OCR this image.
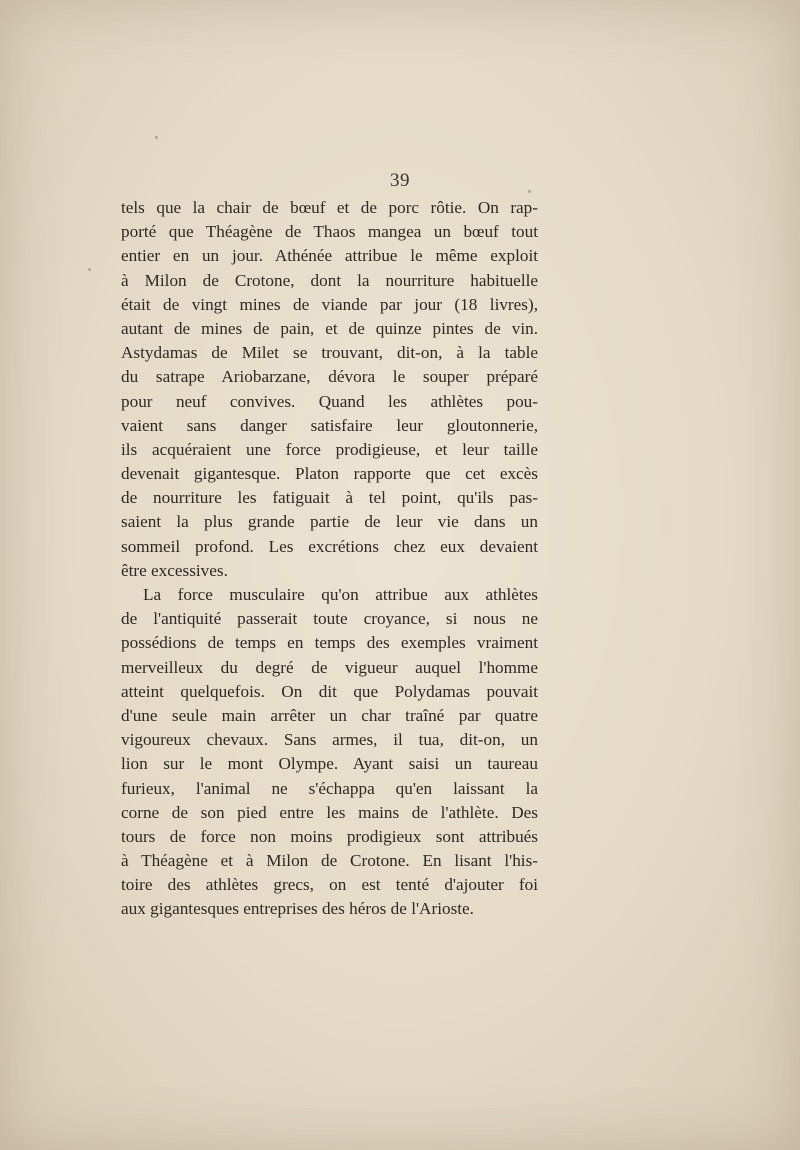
39
tels que la chair de bœuf et de porc rôtie. On rap-
porté que Théagène de Thaos mangea un bœuf tout
entier en un jour. Athénée attribue le même exploit
à Milon de Crotone, dont la nourriture habituelle
était de vingt mines de viande par jour (18 livres),
autant de mines de pain, et de quinze pintes de vin.
Astydamas de Milet se trouvant, dit-on, à la table
du satrape Ariobarzane, dévora le souper préparé
pour neuf convives. Quand les athlètes pou-
vaient sans danger satisfaire leur gloutonnerie,
ils acquéraient une force prodigieuse, et leur taille
devenait gigantesque. Platon rapporte que cet excès
de nourriture les fatiguait à tel point, qu'ils pas-
saient la plus grande partie de leur vie dans un
sommeil profond. Les excrétions chez eux devaient
être excessives.
La force musculaire qu'on attribue aux athlètes
de l'antiquité passerait toute croyance, si nous ne
possédions de temps en temps des exemples vraiment
merveilleux du degré de vigueur auquel l'homme
atteint quelquefois. On dit que Polydamas pouvait
d'une seule main arrêter un char traîné par quatre
vigoureux chevaux. Sans armes, il tua, dit-on, un
lion sur le mont Olympe. Ayant saisi un taureau
furieux, l'animal ne s'échappa qu'en laissant la
corne de son pied entre les mains de l'athlète. Des
tours de force non moins prodigieux sont attribués
à Théagène et à Milon de Crotone. En lisant l'his-
toire des athlètes grecs, on est tenté d'ajouter foi
aux gigantesques entreprises des héros de l'Arioste.
